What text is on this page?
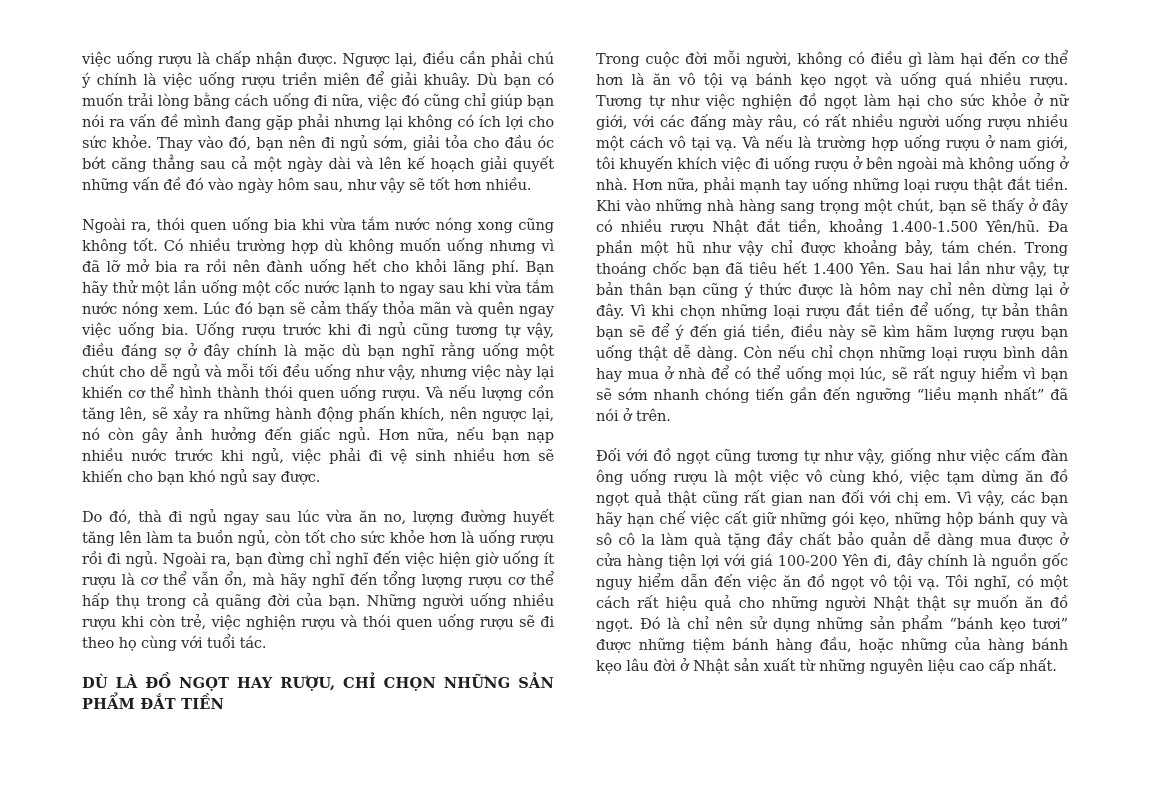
việc uống rượu là chấp nhận được. Ngược lại, điều cần phải chú ý chính là việc uống rượu triền miên để giải khuây. Dù bạn có muốn trải lòng bằng cách uống đi nữa, việc đó cũng chỉ giúp bạn nói ra vấn đề mình đang gặp phải nhưng lại không có ích lợi cho sức khỏe. Thay vào đó, bạn nên đi ngủ sớm, giải tỏa cho đầu óc bớt căng thẳng sau cả một ngày dài và lên kế hoạch giải quyết những vấn đề đó vào ngày hôm sau, như vậy sẽ tốt hơn nhiều.

Ngoài ra, thói quen uống bia khi vừa tắm nước nóng xong cũng không tốt. Có nhiều trường hợp dù không muốn uống nhưng vì đã lỡ mở bia ra rồi nên đành uống hết cho khỏi lãng phí. Bạn hãy thử một lần uống một cốc nước lạnh to ngay sau khi vừa tắm nước nóng xem. Lúc đó bạn sẽ cảm thấy thỏa mãn và quên ngay việc uống bia. Uống rượu trước khi đi ngủ cũng tương tự vậy, điều đáng sợ ở đây chính là mặc dù bạn nghĩ rằng uống một chút cho dễ ngủ và mỗi tối đều uống như vậy, nhưng việc này lại khiến cơ thể hình thành thói quen uống rượu. Và nếu lượng cồn tăng lên, sẽ xảy ra những hành động phấn khích, nên ngược lại, nó còn gây ảnh hưởng đến giấc ngủ. Hơn nữa, nếu bạn nạp nhiều nước trước khi ngủ, việc phải đi vệ sinh nhiều hơn sẽ khiến cho bạn khó ngủ say được.

Do đó, thà đi ngủ ngay sau lúc vừa ăn no, lượng đường huyết tăng lên làm ta buồn ngủ, còn tốt cho sức khỏe hơn là uống rượu rồi đi ngủ. Ngoài ra, bạn đừng chỉ nghĩ đến việc hiện giờ uống ít rượu là cơ thể vẫn ổn, mà hãy nghĩ đến tổng lượng rượu cơ thể hấp thụ trong cả quãng đời của bạn. Những người uống nhiều rượu khi còn trẻ, việc nghiện rượu và thói quen uống rượu sẽ đi theo họ cùng với tuổi tác.

DÙ LÀ ĐỒ NGỌT HAY RƯỢU, CHỈ CHỌN NHỮNG SẢN PHẨM ĐẮT TIỀN

Trong cuộc đời mỗi người, không có điều gì làm hại đến cơ thể hơn là ăn vô tội vạ bánh kẹo ngọt và uống quá nhiều rượu. Tương tự như việc nghiện đồ ngọt làm hại cho sức khỏe ở nữ giới, với các đấng mày râu, có rất nhiều người uống rượu nhiều một cách vô tại vạ. Và nếu là trường hợp uống rượu ở nam giới, tôi khuyến khích việc đi uống rượu ở bên ngoài mà không uống ở nhà. Hơn nữa, phải mạnh tay uống những loại rượu thật đắt tiền. Khi vào những nhà hàng sang trọng một chút, bạn sẽ thấy ở đây có nhiều rượu Nhật đắt tiền, khoảng 1.400-1.500 Yên/hũ. Đa phần một hũ như vậy chỉ được khoảng bảy, tám chén. Trong thoáng chốc bạn đã tiêu hết 1.400 Yên. Sau hai lần như vậy, tự bản thân bạn cũng ý thức được là hôm nay chỉ nên dừng lại ở đây. Vì khi chọn những loại rượu đắt tiền để uống, tự bản thân bạn sẽ để ý đến giá tiền, điều này sẽ kìm hãm lượng rượu bạn uống thật dễ dàng. Còn nếu chỉ chọn những loại rượu bình dân hay mua ở nhà để có thể uống mọi lúc, sẽ rất nguy hiểm vì bạn sẽ sớm nhanh chóng tiến gần đến ngưỡng “liều mạnh nhất” đã nói ở trên.

Đối với đồ ngọt cũng tương tự như vậy, giống như việc cấm đàn ông uống rượu là một việc vô cùng khó, việc tạm dừng ăn đồ ngọt quả thật cũng rất gian nan đối với chị em. Vì vậy, các bạn hãy hạn chế việc cất giữ những gói kẹo, những hộp bánh quy và sô cô la làm quà tặng đầy chất bảo quản dễ dàng mua được ở cửa hàng tiện lợi với giá 100-200 Yên đi, đây chính là nguồn gốc nguy hiểm dẫn đến việc ăn đồ ngọt vô tội vạ. Tôi nghĩ, có một cách rất hiệu quả cho những người Nhật thật sự muốn ăn đồ ngọt. Đó là chỉ nên sử dụng những sản phẩm “bánh kẹo tươi” được những tiệm bánh hàng đầu, hoặc những của hàng bánh kẹo lâu đời ở Nhật sản xuất từ những nguyên liệu cao cấp nhất.
